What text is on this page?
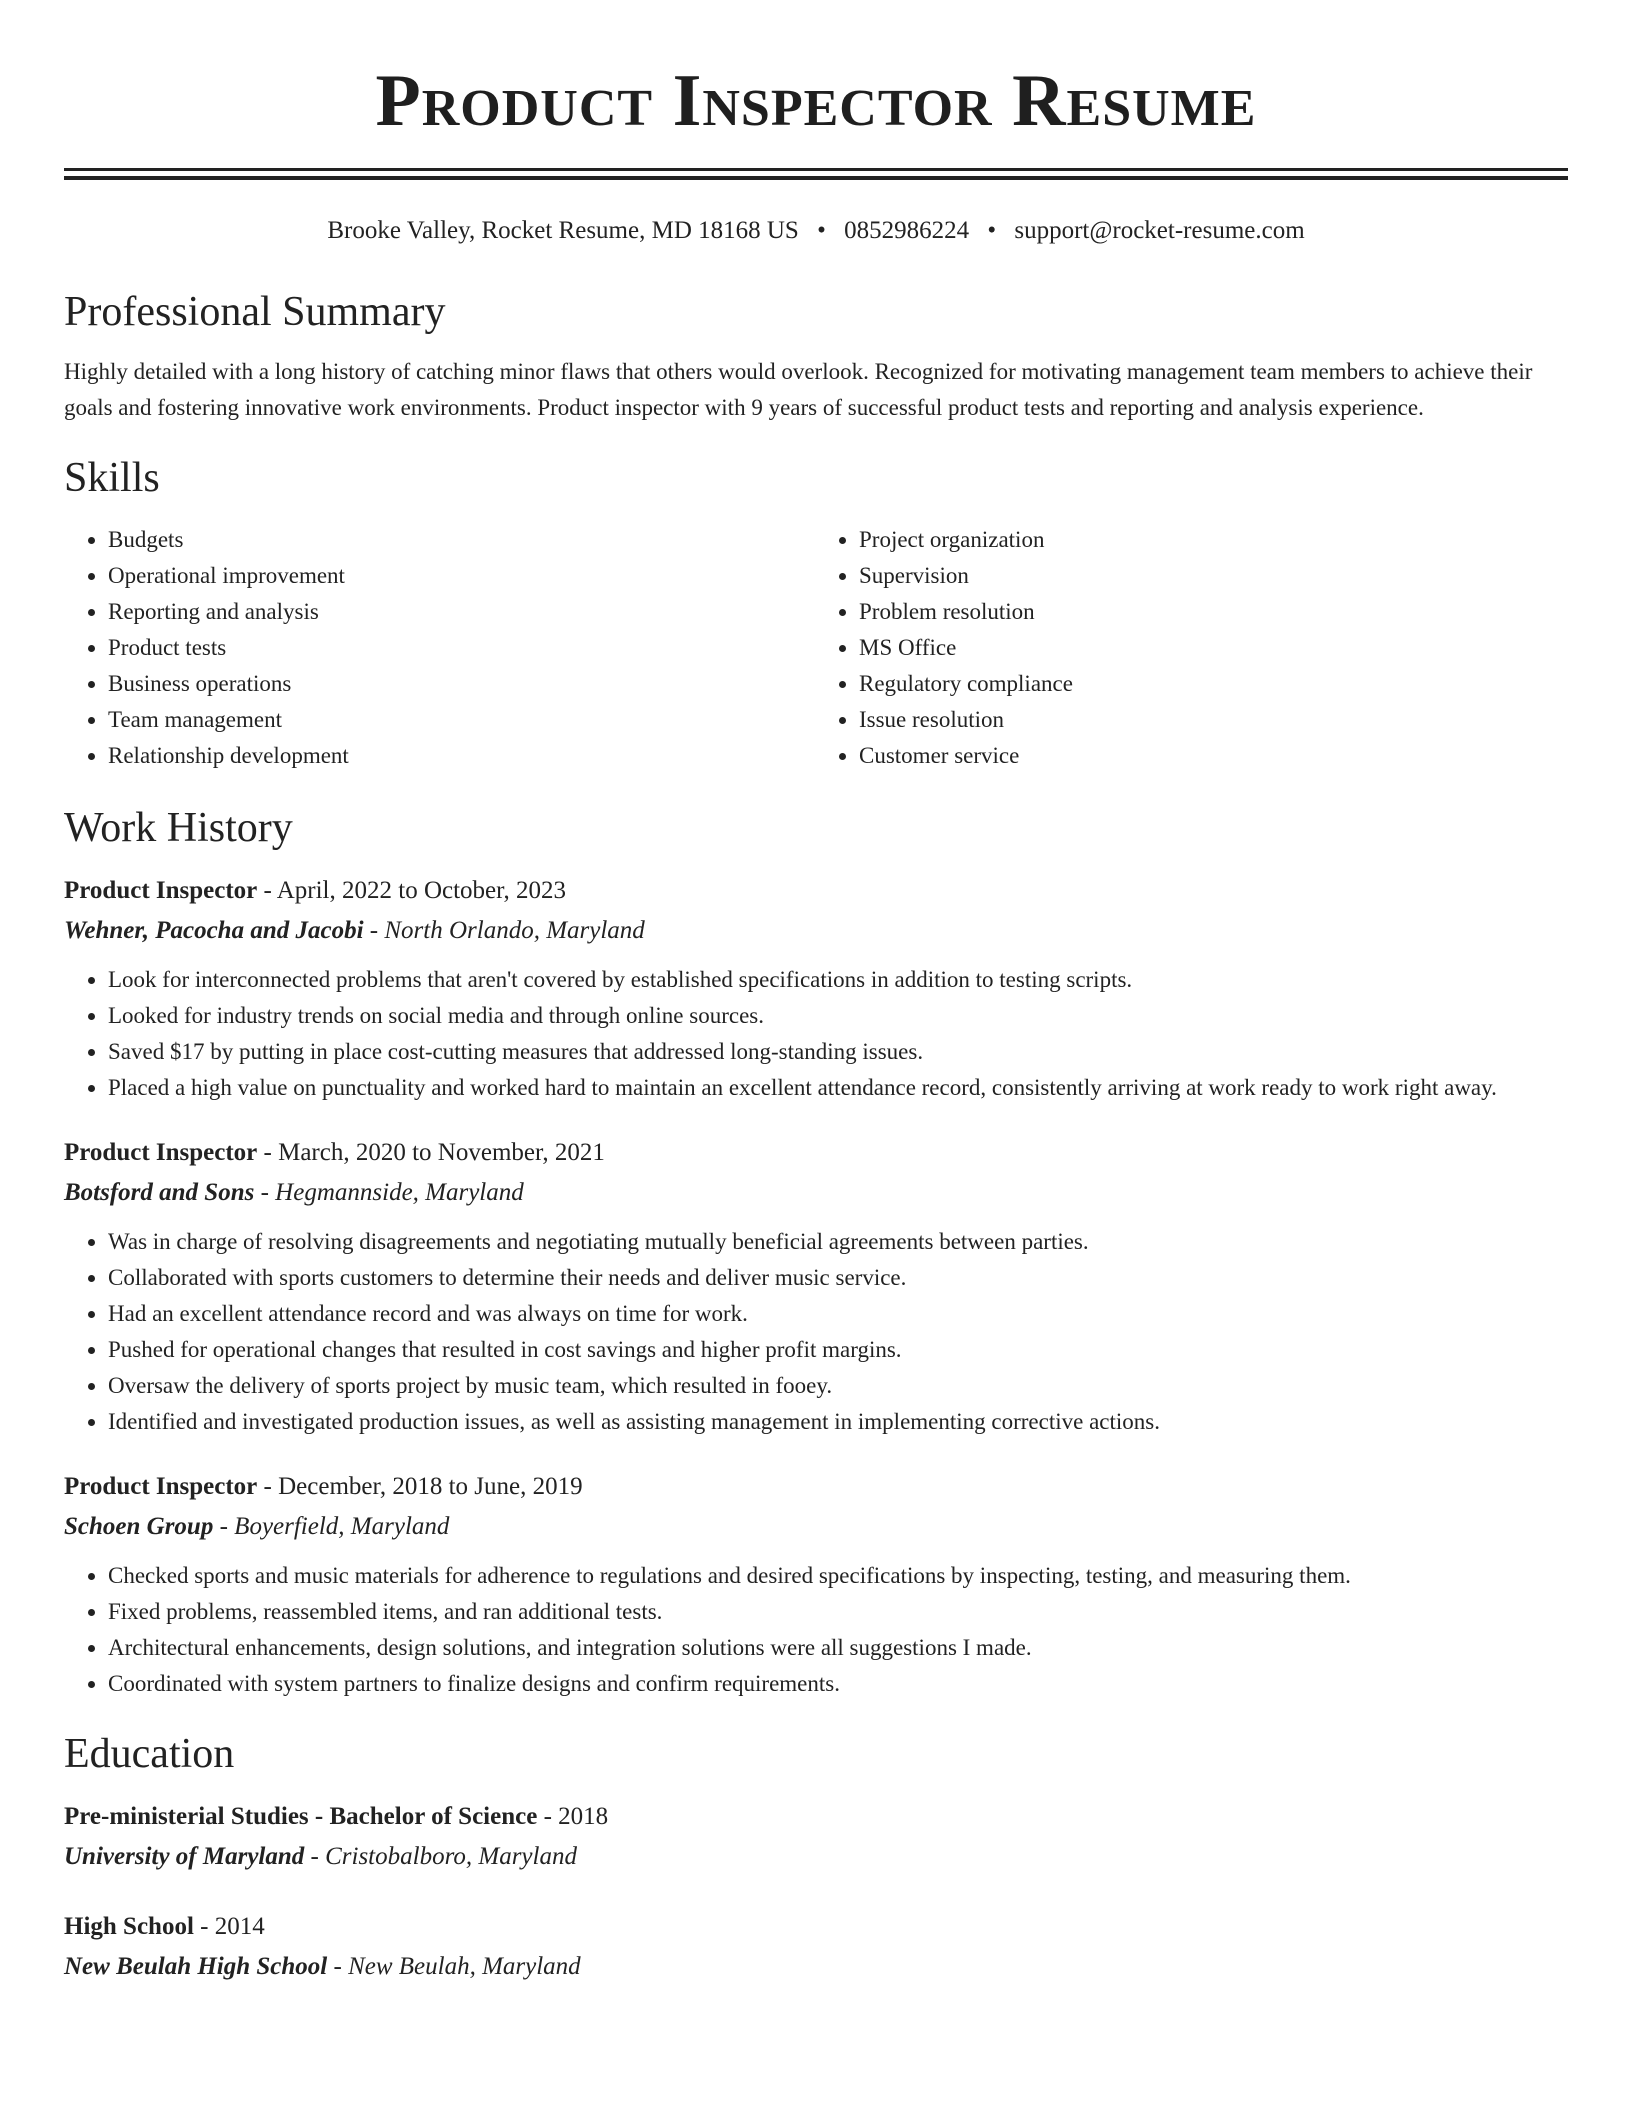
Product Inspector Resume
Brooke Valley, Rocket Resume, MD 18168 US • 0852986224 • support@rocket-resume.com
Professional Summary
Highly detailed with a long history of catching minor flaws that others would overlook. Recognized for motivating management team members to achieve their goals and fostering innovative work environments. Product inspector with 9 years of successful product tests and reporting and analysis experience.
Skills
• Budgets
• Operational improvement
• Reporting and analysis
• Product tests
• Business operations
• Team management
• Relationship development
• Project organization
• Supervision
• Problem resolution
• MS Office
• Regulatory compliance
• Issue resolution
• Customer service
Work History
Product Inspector - April, 2022 to October, 2023
Wehner, Pacocha and Jacobi - North Orlando, Maryland
• Look for interconnected problems that aren't covered by established specifications in addition to testing scripts.
• Looked for industry trends on social media and through online sources.
• Saved $17 by putting in place cost-cutting measures that addressed long-standing issues.
• Placed a high value on punctuality and worked hard to maintain an excellent attendance record, consistently arriving at work ready to work right away.
Product Inspector - March, 2020 to November, 2021
Botsford and Sons - Hegmannside, Maryland
• Was in charge of resolving disagreements and negotiating mutually beneficial agreements between parties.
• Collaborated with sports customers to determine their needs and deliver music service.
• Had an excellent attendance record and was always on time for work.
• Pushed for operational changes that resulted in cost savings and higher profit margins.
• Oversaw the delivery of sports project by music team, which resulted in fooey.
• Identified and investigated production issues, as well as assisting management in implementing corrective actions.
Product Inspector - December, 2018 to June, 2019
Schoen Group - Boyerfield, Maryland
• Checked sports and music materials for adherence to regulations and desired specifications by inspecting, testing, and measuring them.
• Fixed problems, reassembled items, and ran additional tests.
• Architectural enhancements, design solutions, and integration solutions were all suggestions I made.
• Coordinated with system partners to finalize designs and confirm requirements.
Education
Pre-ministerial Studies - Bachelor of Science - 2018
University of Maryland - Cristobalboro, Maryland
High School - 2014
New Beulah High School - New Beulah, Maryland
